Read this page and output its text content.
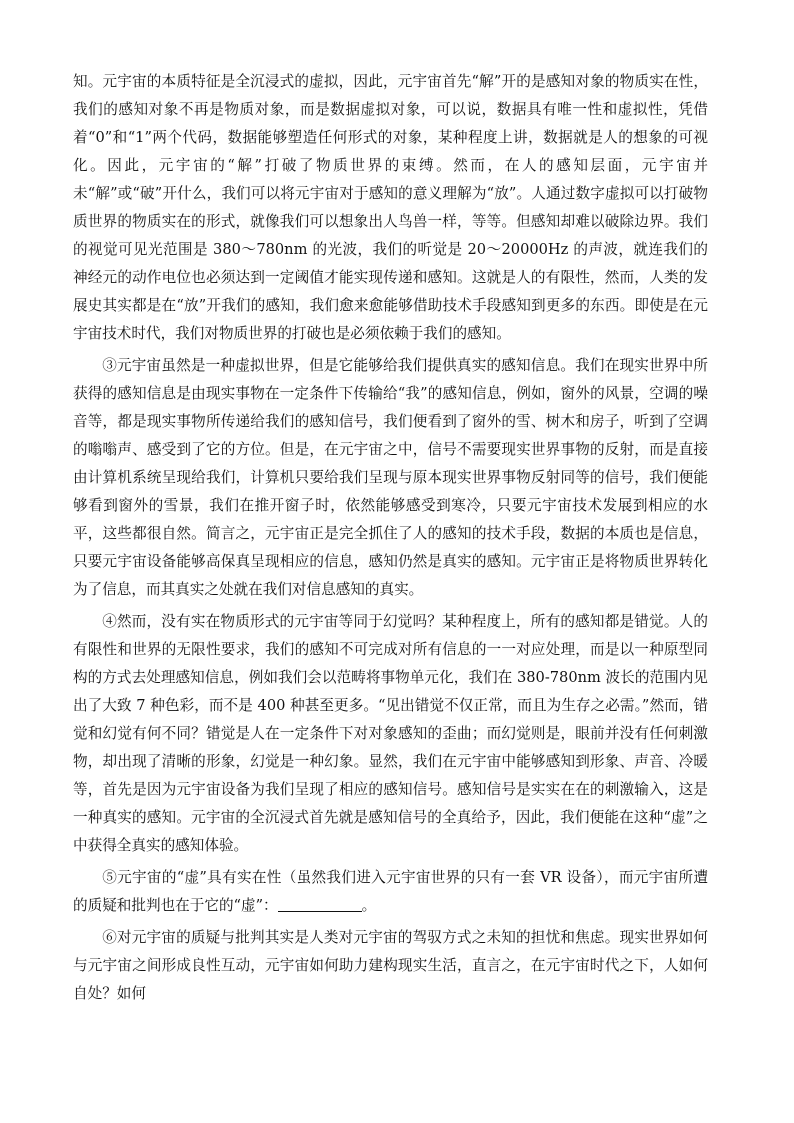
知。元宇宙的本质特征是全沉浸式的虚拟，因此，元宇宙首先“解”开的是感知对象的物质实在性，我们的感知对象不再是物质对象，而是数据虚拟对象，可以说，数据具有唯一性和虚拟性，凭借着“0”和“1”两个代码，数据能够塑造任何形式的对象，某种程度上讲，数据就是人的想象的可视化。因此，元宇宙的“解”打破了物质世界的束缚。然而，在人的感知层面，元宇宙并未“解”或“破”开什么，我们可以将元宇宙对于感知的意义理解为“放”。人通过数字虚拟可以打破物质世界的物质实在的形式，就像我们可以想象出人鸟兽一样，等等。但感知却难以破除边界。我们的视觉可见光范围是 380～780nm 的光波，我们的听觉是 20～20000Hz 的声波，就连我们的神经元的动作电位也必须达到一定阈值才能实现传递和感知。这就是人的有限性，然而，人类的发展史其实都是在“放”开我们的感知，我们愈来愈能够借助技术手段感知到更多的东西。即使是在元宇宙技术时代，我们对物质世界的打破也是必须依赖于我们的感知。

③元宇宙虽然是一种虚拟世界，但是它能够给我们提供真实的感知信息。我们在现实世界中所获得的感知信息是由现实事物在一定条件下传输给“我”的感知信息，例如，窗外的风景，空调的噪音等，都是现实事物所传递给我们的感知信号，我们便看到了窗外的雪、树木和房子，听到了空调的嗡嗡声、感受到了它的方位。但是，在元宇宙之中，信号不需要现实世界事物的反射，而是直接由计算机系统呈现给我们，计算机只要给我们呈现与原本现实世界事物反射同等的信号，我们便能够看到窗外的雪景，我们在推开窗子时，依然能够感受到寒冷，只要元宇宙技术发展到相应的水平，这些都很自然。简言之，元宇宙正是完全抓住了人的感知的技术手段，数据的本质也是信息，只要元宇宙设备能够高保真呈现相应的信息，感知仍然是真实的感知。元宇宙正是将物质世界转化为了信息，而其真实之处就在我们对信息感知的真实。

④然而，没有实在物质形式的元宇宙等同于幻觉吗？某种程度上，所有的感知都是错觉。人的有限性和世界的无限性要求，我们的感知不可完成对所有信息的一一对应处理，而是以一种原型同构的方式去处理感知信息，例如我们会以范畴将事物单元化，我们在 380-780nm 波长的范围内见出了大致 7 种色彩，而不是 400 种甚至更多。“见出错觉不仅正常，而且为生存之必需。”然而，错觉和幻觉有何不同？错觉是人在一定条件下对对象感知的歪曲；而幻觉则是，眼前并没有任何刺激物，却出现了清晰的形象，幻觉是一种幻象。显然，我们在元宇宙中能够感知到形象、声音、冷暖等，首先是因为元宇宙设备为我们呈现了相应的感知信号。感知信号是实实在在的刺激输入，这是一种真实的感知。元宇宙的全沉浸式首先就是感知信号的全真给予，因此，我们便能在这种“虚”之中获得全真实的感知体验。

⑤元宇宙的“虚”具有实在性（虽然我们进入元宇宙世界的只有一套 VR 设备），而元宇宙所遭的质疑和批判也在于它的“虚”：	。

⑥对元宇宙的质疑与批判其实是人类对元宇宙的驾驭方式之未知的担忧和焦虑。现实世界如何与元宇宙之间形成良性互动，元宇宙如何助力建构现实生活，直言之，在元宇宙时代之下，人如何自处？如何
